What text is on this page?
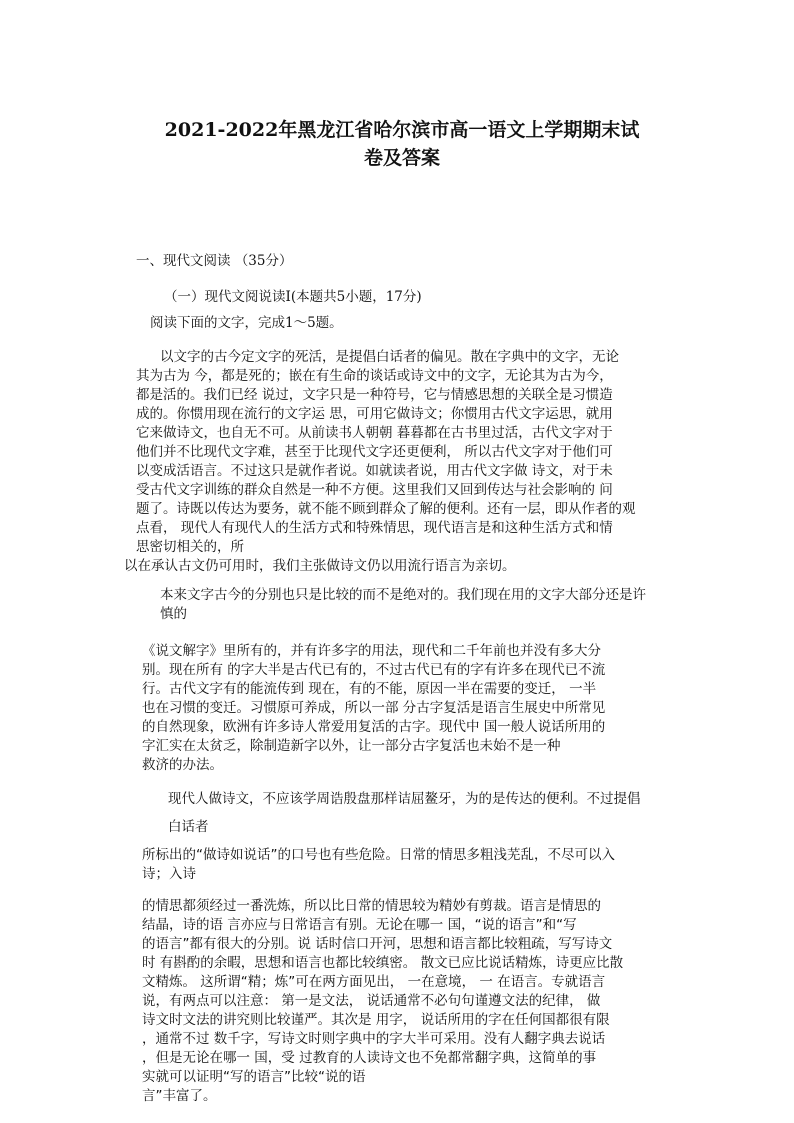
2021-2022年黑龙江省哈尔滨市高一语文上学期期末试
卷及答案
一、现代文阅读 （35分）
（一）现代文阅说读Ⅰ(本题共5小题，17分)
阅读下面的文字，完成1～5题。
以文字的古今定文字的死活，是提倡白话者的偏见。散在字典中的文字，无论
其为古为 今，都是死的；嵌在有生命的谈话或诗文中的文字，无论其为古为今，
都是活的。我们已经 说过，文字只是一种符号，它与情感思想的关联全是习惯造
成的。你惯用现在流行的文字运 思，可用它做诗文；你惯用古代文字运思，就用
它来做诗文，也自无不可。从前读书人朝朝 暮暮都在古书里过活，古代文字对于
他们并不比现代文字难，甚至于比现代文字还更便利， 所以古代文字对于他们可
以变成活语言。不过这只是就作者说。如就读者说，用古代文字做 诗文，对于未
受古代文字训练的群众自然是一种不方便。这里我们又回到传达与社会影响的 问
题了。诗既以传达为要务，就不能不顾到群众了解的便利。还有一层，即从作者的观
点看， 现代人有现代人的生活方式和特殊情思，现代语言是和这种生活方式和情
思密切相关的，所
以在承认古文仍可用时，我们主张做诗文仍以用流行语言为亲切。
本来文字古今的分别也只是比较的而不是绝对的。我们现在用的文字大部分还是许
慎的
《说文解字》里所有的，并有许多字的用法，现代和二千年前也并没有多大分
别。现在所有 的字大半是古代已有的，不过古代已有的字有许多在现代已不流
行。古代文字有的能流传到 现在，有的不能，原因一半在需要的变迁， 一半
也在习惯的变迁。习惯原可养成，所以一部 分古字复活是语言生展史中所常见
的自然现象，欧洲有许多诗人常爱用复活的古字。现代中 国一般人说话所用的
字汇实在太贫乏，除制造新字以外，让一部分古字复活也未始不是一种
救济的办法。
现代人做诗文，不应该学周诰殷盘那样诘屈鳌牙，为的是传达的便利。不过提倡
白话者
所标出的“做诗如说话”的口号也有些危险。日常的情思多粗浅芜乱，不尽可以入
诗；入诗
的情思都须经过一番洗炼，所以比日常的情思较为精妙有剪裁。语言是情思的
结晶，诗的语 言亦应与日常语言有别。无论在哪一 国，“说的语言”和“写
的语言”都有很大的分别。说 话时信口开河，思想和语言都比较粗疏，写写诗文
时 有斟酌的余暇，思想和语言也都比较缜密。 散文已应比说话精炼，诗更应比散
文精炼。 这所谓“精；炼”可在两方面见出， 一在意境， 一 在语言。专就语言
说，有两点可以注意： 第一是文法， 说话通常不必句句谨遵文法的纪律， 做
诗文时文法的讲究则比较谨严。其次是 用字， 说话所用的字在任何国都很有限
，通常不过 数千字，写诗文时则字典中的字大半可采用。没有人翻字典去说话
，但是无论在哪一 国，受 过教育的人读诗文也不免都常翻字典，这简单的事
实就可以证明“写的语言”比较“说的语
言”丰富了。
